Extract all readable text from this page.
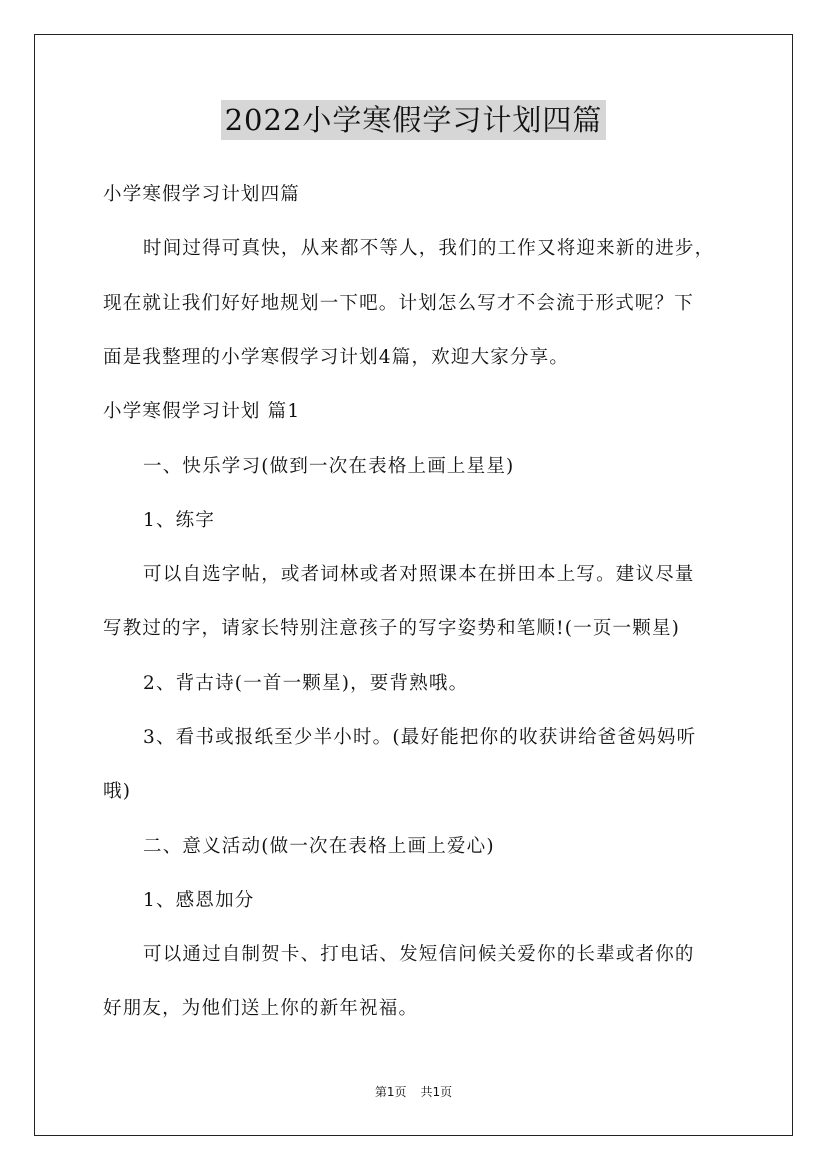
2022小学寒假学习计划四篇
小学寒假学习计划四篇
时间过得可真快，从来都不等人，我们的工作又将迎来新的进步，
现在就让我们好好地规划一下吧。计划怎么写才不会流于形式呢？下
面是我整理的小学寒假学习计划4篇，欢迎大家分享。
小学寒假学习计划 篇1
一、快乐学习(做到一次在表格上画上星星)
1、练字
可以自选字帖，或者词林或者对照课本在拼田本上写。建议尽量
写教过的字，请家长特别注意孩子的写字姿势和笔顺!(一页一颗星)
2、背古诗(一首一颗星)，要背熟哦。
3、看书或报纸至少半小时。(最好能把你的收获讲给爸爸妈妈听
哦)
二、意义活动(做一次在表格上画上爱心)
1、感恩加分
可以通过自制贺卡、打电话、发短信问候关爱你的长辈或者你的
好朋友，为他们送上你的新年祝福。
第1页 共1页
